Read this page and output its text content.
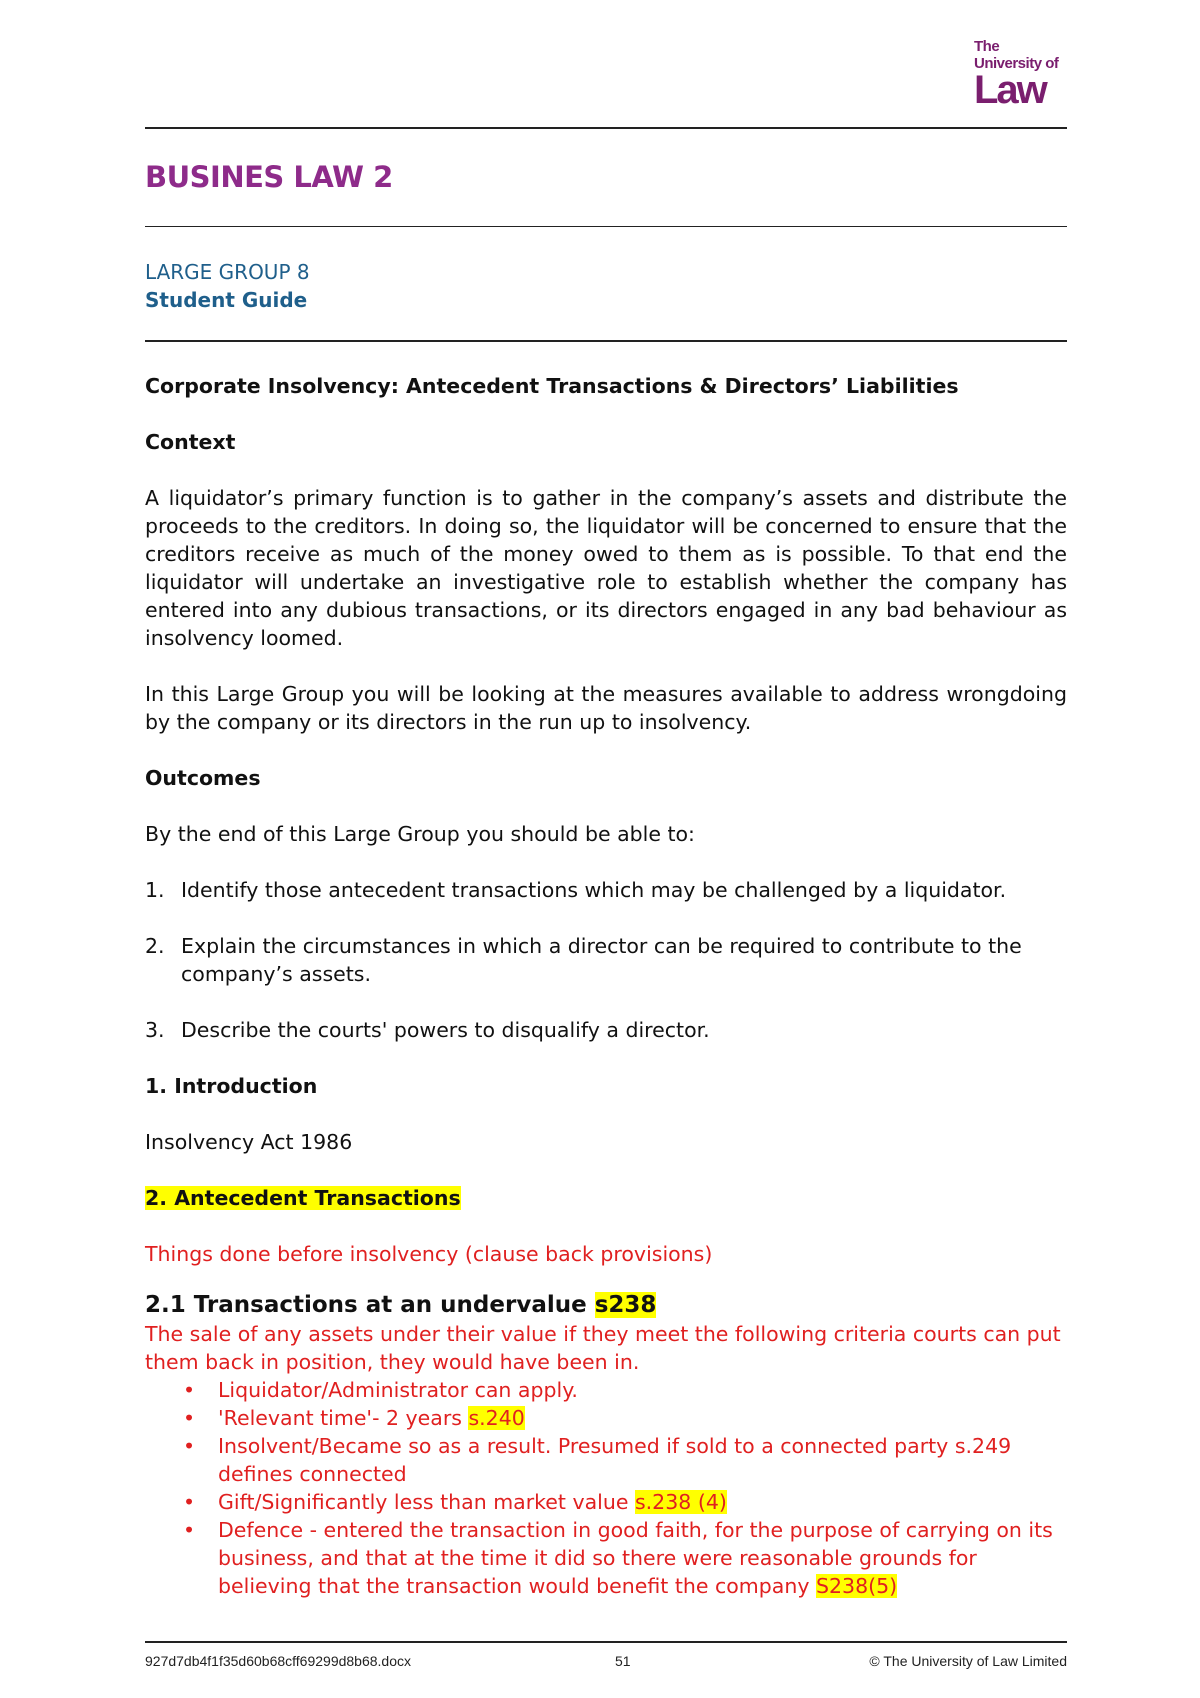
The
University of
Law
BUSINES LAW 2
LARGE GROUP 8
Student Guide

Corporate Insolvency: Antecedent Transactions & Directors’ Liabilities

Context

A liquidator’s primary function is to gather in the company’s assets and distribute the proceeds to the creditors. In doing so, the liquidator will be concerned to ensure that the creditors receive as much of the money owed to them as is possible. To that end the liquidator will undertake an investigative role to establish whether the company has entered into any dubious transactions, or its directors engaged in any bad behaviour as insolvency loomed.

In this Large Group you will be looking at the measures available to address wrongdoing by the company or its directors in the run up to insolvency.

Outcomes

By the end of this Large Group you should be able to:

1. Identify those antecedent transactions which may be challenged by a liquidator.
2. Explain the circumstances in which a director can be required to contribute to the company’s assets.
3. Describe the courts' powers to disqualify a director.

1. Introduction

Insolvency Act 1986

2. Antecedent Transactions

Things done before insolvency (clause back provisions)

2.1 Transactions at an undervalue s238

The sale of any assets under their value if they meet the following criteria courts can put them back in position, they would have been in.

•	Liquidator/Administrator can apply.
•	'Relevant time'- 2 years s.240
•	Insolvent/Became so as a result. Presumed if sold to a connected party s.249 defines connected
•	Gift/Significantly less than market value s.238 (4)
•	Defence - entered the transaction in good faith, for the purpose of carrying on its business, and that at the time it did so there were reasonable grounds for believing that the transaction would benefit the company S238(5)
927d7db4f1f35d60b68cff69299d8b68.docx	51	© The University of Law Limited
